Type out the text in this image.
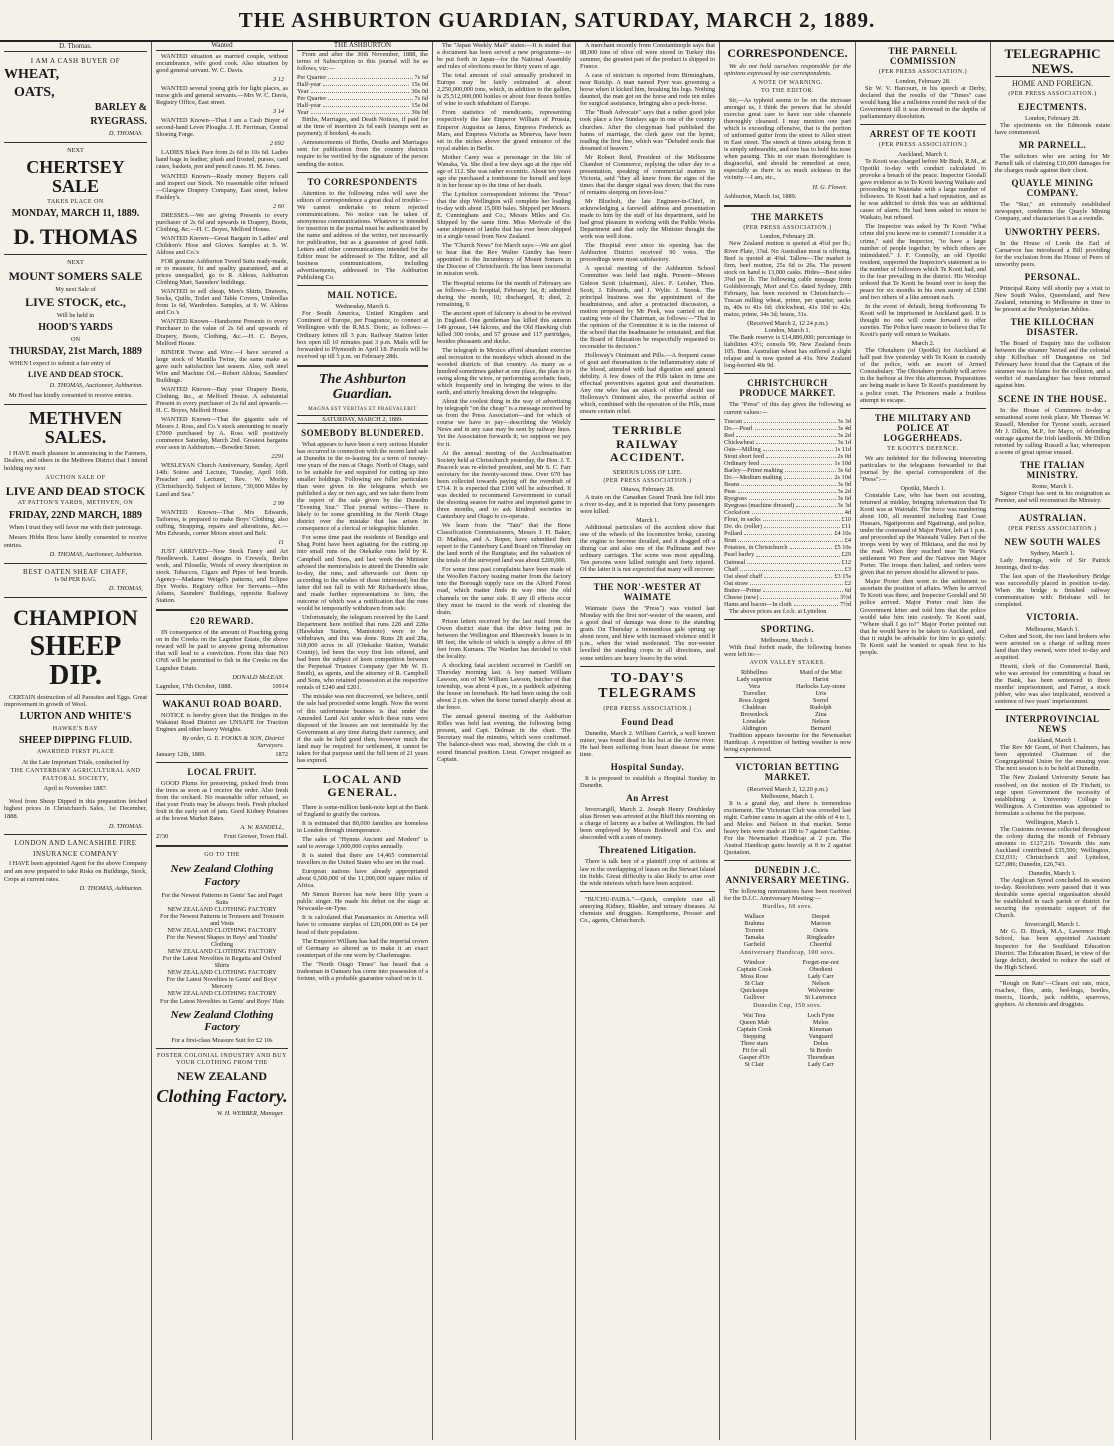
THE ASHBURTON GUARDIAN, SATURDAY, MARCH 2, 1889.
D. Thomas.
I AM A CASH BUYER OF
WHEAT,
OATS,
BARLEY &
RYEGRASS.
D. THOMAS.
NEXT
CHERTSEY SALE
TAKES PLACE ON
MONDAY, MARCH 11, 1889.
D. THOMAS
NEXT
MOUNT SOMERS SALE
My next Sale of
LIVE STOCK, etc.,
Will be held in
HOOD'S YARDS
ON
THURSDAY, 21st March, 1889

WHEN I expect to submit a fair entry of

LIVE AND DEAD STOCK.
D. THOMAS, Auctioneer, Ashburton.

Mr Hood has kindly consented to receive entries.

METHVEN SALES.

I HAVE much pleasure in announcing to the Farmers, Dealers, and others in the Methven District that I intend holding my next

AUCTION SALE OF
LIVE AND DEAD STOCK
AT PATTON'S YARDS, METHVEN, ON
FRIDAY, 22ND MARCH, 1889

When I trust they will favor me with their patronage.

Messrs Hibbs Bros have kindly consented to receive entries.

D. THOMAS, Auctioneer, Ashburton.
BEST OATEN SHEAF CHAFF,
Is 9d PER BAG.
D. THOMAS,
CHAMPION
SHEEP DIP.

CERTAIN destruction of all Parasites and Eggs. Great improvement in growth of Wool.

LURTON AND WHITE'S
HAWKE'S BAY
SHEEP DIPPING FLUID.
AWARDED FIRST PLACE
At the Late Important Trials, conducted by
THE CANTERBURY AGRICULTURAL AND PASTORAL SOCIETY,
April to November 1887.

Wool from Sheep Dipped in this preparation fetched highest prices in Christchurch Sales, 1st December, 1888.

D. THOMAS.
LONDON AND LANCASHIRE FIRE
INSURANCE COMPANY

I HAVE been appointed Agent for the above Company and am now prepared to take Risks on Buildings, Stock, Crops at current rates.

D. THOMAS, Ashburton.
Wanted

WANTED situation as married couple, without encumbrance, wife good cook. Also situation by good general servant. W. C. Davis.

3 12

WANTED several young girls for light places, as nurse girls and general servants.—Mrs W. C. Davis, Registry Office, East street.

3 14

WANTED Known—That I am a Cash Buyer of second-hand Lever Ploughs. J. H. Ferriman, Central Shoeing Forge.

2 692

LADIES Black Pace from 2s 6d to 10s 6d. Ladies hand bags in leather, plush and frosted, purses, card cases, baskets, pen and pencil cases. H. M. Jones.

WANTED Known—Ready money Buyers call and inspect our Stock. No reasonable offer refused—Glasgow Drapery Company, East street, below Pashley's.

2 60

DRESSES.—We are giving Presents to every purchaser of 2s 6d and upwards in Drapery, Boots, Clothing, &c.—H. C. Boyes, Melford House.

WANTED Known—Great Bargain in Ladies' and Children's Hose and Gloves. Samples at S. W. Aldous and Co.'s

FOR genuine Ashburton Tweed Suits ready-made, or to measure, fit and quality guaranteed, and at prices unequalled, go to R. Aldous, Ashburton Clothing Mart, Saunders' buildings.

WANTED to sell cheap, Men's Shirts, Drawers, Socks, Quilts, Toilet and Table Covers, Umbrellas from 1s 6d, Wardrobes. Samples, at S. W. Aldous and Co.'s

WANTED Known—Handsome Presents to every Purchaser to the value of 2s 6d and upwards of Drapery, Boots, Clothing, &c.—H. C. Boyes, Melford House.

BINDER Twine and Wire.—I have secured a large stock of Manilla Twine, the same make as gave such satisfaction last season. Also, soft steel Wire and Machine Oil.—Robert Aldous, Saunders' Buildings.

WANTED Known—Buy your Drapery Boots, Clothing, &c., at Melford House. A substantial Present to every purchaser of 2s 6d and upwards.—H. C. Boyes, Melford House.

WANTED Known—That the gigantic sale of Messrs J. Ross, and Co.'s stock amounting to nearly £7000 purchased by A. Ross will positively commence Saturday, March 2nd. Greatest bargains ever seen in Ashburton.—Bowden Street.

2291

WESLEYAN Church Anniversary, Sunday, April 14th. Soiree and Lecture, Tuesday, April 16th. Preacher and Lecturer, Rev. W. Morley (Christchurch). Subject of lecture, "30,000 Miles by Land and Sea."

2 99

WANTED Known—That Mrs Edwards, Tailoress, is prepared to make Boys' Clothing, also cuffing, Strapping, repairs and alterations, &c.—Mrs Edwards, corner Moore street and Belt.

11

JUST ARRIVED—New Stock Fancy and Art Needlework. Latest designs in Crewels, Berlin work, and Filoselle, Wools of every description in stock. Tobaccos, Cigars and Pipes of best brands. Agency—Madame Weigel's patterns, and Eclipse Dye Works. Registry office for Servants.—Mrs Adams, Saunders' Buildings, opposite Railway Station.

£20 REWARD.

IN consequence of the amount of Poaching going on in the Creeks on the Lagmhor Estate, the above reward will be paid to anyone giving information that will lead to a conviction. From this date NO ONE will be permitted to fish in the Creeks on the Lagmhor Estate.

DONALD McLEAN.
Lagmhor, 17th October, 1888.	10914
WAKANUI ROAD BOARD.

NOTICE is hereby given that the Bridges in the Wakanui Road District are UNSAFE for Traction Engines and other heavy Weights.

By order, G. E. FOOKS & SON, District Surveyors.
January 12th, 1889.	1872
LOCAL FRUIT.

GOOD Plums for preserving, picked fresh from the trees as soon as I receive the order. Also fresh from the orchard. No reasonable offer refused, so that your Fruits may be always fresh. Fresh plucked fruit in the early sort of jam. Good Kidney Potatoes at the lowest Market Rates.

A. W. RANDELL,
2?30	Fruit Grower, Town Hall.
GO TO THE
New Zealand Clothing Factory
For the Newest Patterns in Gents' Sac and Paget Suits
NEW ZEALAND CLOTHING FACTORY
For the Newest Patterns in Trousers and Trousers and Vests
NEW ZEALAND CLOTHING FACTORY
For the Newest Shapes in Boys' and Youths' Clothing
NEW ZEALAND CLOTHING FACTORY
For the Latest Novelties in Regatta and Oxford Shirts
NEW ZEALAND CLOTHING FACTORY
For the Latest Novelties in Gents' and Boys' Mercery
NEW ZEALAND CLOTHING FACTORY
For the Latest Novelties in Gents' and Boys' Hats
New Zealand Clothing Factory
For a first-class Measure Suit for £2 10s
FOSTER COLONIAL INDUSTRY AND BUY YOUR CLOTHING FROM THE
NEW ZEALAND
Clothing Factory.
W. H. WEBBER, Manager.
THE ASHBURTON

From and after the 30th November, 1888, the terms of Subscription to this journal will be as follows, viz:—

Per Quarter	7s 6d
Half-year	15s 0d
Year	30s 0d
Per Quarter	7s 6d
Half-year	15s 0d
Year	30s 0d

Births, Marriages, and Death Notices, if paid for at the time of insertion 2s 6d each (stamps sent as payment); if booked, 4s each.

Announcements of Births, Deaths and Marriages sent for publication from the country districts require to be verified by the signature of the person sending the notice.

TO CORRESPONDENTS

Attention to the following rules will save the editors of correspondence a great deal of trouble:—We cannot undertake to return rejected communications. No notice can be taken of anonymous communications. Whatever is intended for insertion in the journal must be authenticated by the name and address of the writer, not necessarily for publication, but as a guarantee of good faith. Letters and other communications intended for the Editor must be addressed to The Editor, and all business communications, including advertisements, addressed to The Ashburton Publishing Co.

MAIL NOTICE.
Wednesday, March 6.

For South America, United Kingdom and Continent of Europe, per Fragrance, to connect at Wellington with the R.M.S. Doric, as follows:—Ordinary letters till 3 p.m. Railway Station letter box open till 10 minutes past 3 p.m. Mails will be forwarded to Plymouth in April 18. Parcels will be received up till 5 p.m. on February 28th.

The Ashburton Guardian.
MAGNA EST VERITAS ET PRAEVALEBIT
SATURDAY, MARCH 2, 1889.
SOMEBODY BLUNDERED.

What appears to have been a very serious blunder has occurred in connection with the recent land sale at Dunedin in the re-leasing for a term of twenty-one years of the runs at Otago. North of Otago, said to be suitable for and required for cutting up into smaller holdings. Following are fuller particulars than were given in the telegrams which we published a day or two ago, and we take them from the report of the sale given by the Dunedin "Evening Star." That journal writes:—There is likely to be some grumbling in the North Otago district over the mistake that has arisen in consequence of a clerical or telegraphic blunder.

For some time past the residents of Bendigo and Shag Point have been agitating for the cutting up into small runs of the Otekaike runs held by R. Campbell and Sons, and last week the Minister advised the memorialists to attend the Dunedin sale to-day, the runs, and afterwards cut them up according to the wishes of those interested; but the latter did not fall in with Mr Richardson's ideas, and made further representations to him, the outcome of which was a notification that the runs would be temporarily withdrawn from sale.

Unfortunately, the telegram received by the Land Department here notified that runs 228 and 228a (Hawkdun Station, Maniototo) were to be withdrawn, and this was done. Runs 28 and 28a, 318,000 acres in all (Otekaike Station, Waitaki County), led been the very first lots offered, and had been the subject of keen competition between the Perpetual Trustees Company (per Mr W. D. Smith), as agents, and the attorney of R. Campbell and Sons, who retained possession at the respective rentals of £240 and £201.

The mistake was not discovered, we believe, until the sale had proceeded some length. Now the worst of this unfortunate business is that under the Amended Land Act under which these runs were disposed of the lessees are not terminable by the Government at any time during their currency, and if the sale be held good then, however much the land may be required for settlement, it cannot be taken for that purpose until the full term of 21 years has expired.

LOCAL AND GENERAL.

There is some-million bank-note kept at the Bank of England to gratify the curious.

It is estimated that 80,000 families are homeless in London through intemperance.

The sales of "Hymns Ancient and Modern" is said to average 1,000,000 copies annually.

It is stated that there are 14,465 commercial travellers in the United States who are on the road.

European nations have already appropriated about 6,500,000 of the 11,000,000 square miles of Africa.

Mr Simon Reeves has now been fifty years a public singer. He made his debut on the stage at Newcastle-on-Tyne.

It is calculated that Panamanics in America will have to consume surplus of £20,000,000 to £4 per head of their population.

The Emperor William has had the imperial crown of Germany so altered as to make it an exact counterpart of the one worn by Charlemagne.

The "North Otago Times" has heard that a tradesman in Oamaru has come into possession of a fortune, with a probable guarantee valued on to it.

The "Japan Weekly Mail" states:—It is stated that a document has been served a new programme—to be put forth in Japan—for the National Assembly and rules of elections must be thirty years of age.

The total amount of coal annually produced in Europe may be fairly estimated at about 2,250,000,000 tons, which, in addition to the gallon, is 25,512,000,000 bottles or about four dozen bottles of wine to each inhabitant of Europe.

From statistics of mendicants, representing respectively the late Emperor William of Prussia, Emperor Augustus as Janus, Empress Frederick as Mars, and Empress Victoria as Minerva, have been set in the niches above the grand entrance of the royal stables in Berlin.

Mother Carey was a personage in the life of Wanaka, Va. She died a few days ago at the ripe old age of 112. She was rather eccentric. About ten years ago she purchased a tombstone for herself and kept it in her house up to the time of her death.

The Lyttelton correspondent informs the "Press" that the ship Wellington will complete her loading to-day with about 15,000 bales. Shipped per Messrs. E. Cunningham and Co.; Messrs Miles and Co. Shipped by the same firm. Miss Merivale of the same shipment of lambs that has ever been shipped in a single vessel from New Zealand.

The "Church News" for March says:—We are glad to hear that the Rev Walter Gundry has been appointed to the Incumbency of Mount Somers in the Diocese of Christchurch. He has been successful in mission work.

The Hospital returns for the month of February are as follows:—In hospital, February 1st, 8; admitted during the month, 10; discharged, 8; died, 2; remaining, 9.

The ancient sport of falconry is about to be revived in England. One gentleman has killed this autumn 149 grouse, 144 falcons, and the Old Hawking club killed 300 rooks, and 57 grouse and 117 partridges, besides pheasants and ducks.

The telegraph in Mexico afford abundant exercise and recreation to the monkeys which abound in the wooded districts of that country. As many as a hundred sometimes gather at one place, the plan is to swing along the wires, or performing acrobatic feats, which frequently end in bringing the wires to the earth, and utterly breaking down the telegraphs.

About the coolest thing in the way of advertising by telegraph "on the cheap" is a message received by us from the Press Association—and for which of course we have to pay—describing the Weekly News and in any case may be sent by railway lines. Yet the Association forwards it; we suppose we pay for it.

At the annual meeting of the Acclimatisation Society held at Christchurch yesterday, the Hon. J. T. Peacock was re-elected president, and Mr S. C. Farr secretary for the twenty-second time. Over 670 has been collected towards paying off the overdraft of £714. It is expected that £100 will be subscribed. It was decided to recommend Government to curtail the shooting season for native and imported game to three months, and to ask kindred societies in Canterbury and Otago to co-operate.

We learn from the "Tatu" that the Bone Classification Commissioners, Messrs J. H. Baker, D. Mathias, and A. Roper, have submitted their report to the Canterbury Land Board on Thursday on the land north of the Rangitata; and the valuation of the totals of the surveyed land was about £200,000.

For some time past complaints have been made of the Woollen Factory issuing matter from the factory into the Borough supply race on the Alford Forest road, which matter finds its way into the old channels on the same side. If any ill effects occur they must be traced to the work of cleaning the drain.

Prison letters received by the last mail from the Owen district state that the drive being put in between the Wellington and Bluecreek's leases is in 89 feet, the whole of which is simply a drive of 89 feet from Kumara. The Warden has decided to visit the locality.

A shocking fatal accident occurred in Cardiff on Thursday morning last. A boy named William Lawson, son of Mr William Lawson, butcher of that township, was about 4 p.m., in a paddock adjoining the house on horseback. He had been using the colt about 2 p.m. when the horse turned sharply about at the fence.

The annual general meeting of the Ashburton Rifles was held last evening, the following being present, and Capt. Dolman in the chair. The Secretary read the minutes, which were confirmed. The balance-sheet was read, showing the club in a sound financial position. Lieut. Cowper resigned as Captain.

A merchant recently from Constantinople says that 88,000 tons of olive oil were stored in Turkey this summer, the greatest part of the product is shipped to France.

A case of stoicism is reported from Birmingham, near Ruislip. A man named Pyer was grooming a horse when it kicked him, breaking his legs. Nothing daunted, the man got on the horse and rode ten miles for surgical assistance, bringing also a peck-horse.

The "Bush Advocate" says that a rather good joke took place a few Sundays ago in one of the country churches. After the clergyman had published the banns of marriage, the clerk gave out the hymn, reading the first line, which was "Deluded souls that dreamed of heaven."

Mr Robert Reid, President of the Melbourne Chamber of Commerce, replying the other day to a presentation, speaking of commercial matters in Victoria, said "they all knew from the signs of the times that the danger signal was down; that the runs of remains sleeping on fever-loss."

Mr Bluebolt, the late Engineer-in-Chief, in acknowledging a farewell address and presentation made to him by the staff of his department, said he had great pleasure in working with the Public Works Department and that only the Minister thought the work was well done.

The Hospital ever since its opening has the Ashburton District received 90 votes. The proceedings were most satisfactory.

A special meeting of the Ashburton School Committee was held last night. Present—Messrs Gideon Scott (chairman), Alex. F. Leisher, Thos. Scott, J. Edwards, and J. Wylie. J. Snook. The principal business was the appointment of the headmistress, and after a protracted discussion, a motion proposed by Mr Peek, was carried on the casting vote of the Chairman, as follows:—"That in the opinion of the Committee it is in the interest of the school that the headmaster be reinstated, and that the Board of Education be respectfully requested to reconsider its decision."

Holloway's Ointment and Pills.—A frequent cause of gout and rheumatism is the inflammatory state of the blood, attended with bad digestion and general debility. A few doses of the Pills taken in time are effectual preventives against gout and rheumatism. Any one who has an attack of either should use Holloway's Ointment also, the powerful action of which, combined with the operation of the Pills, must ensure certain relief.

TERRIBLE RAILWAY ACCIDENT.
SERIOUS LOSS OF LIFE.
(PER PRESS ASSOCIATION.)
Ottawa, February 28.

A train on the Canadian Grand Trunk line fell into a river to-day, and it is reported that forty passengers were killed.

March 1.

Additional particulars of the accident show that one of the wheels of the locomotive broke, causing the engine to become derailed, and it dragged off a dining car and also one of the Pullmans and two ordinary carriages. The scene was most appalling. Ten persons were killed outright and forty injured. Of the latter it is not expected that many will recover.

THE NOR'-WESTER AT WAIMATE

Waimate (says the "Press") was visited last Monday with the first nor'-wester of the season, and a good deal of damage was done to the standing grain. On Thursday a tremendous gale sprung up about noon, and blew with increased violence until 8 p.m., when the wind moderated. The nor-wester levelled the standing crops in all directions, and some settlers are heavy losers by the wind.

TO-DAY'S TELEGRAMS
(PER PRESS ASSOCIATION.)
Found Dead

Dunedin, March 2. William Carrick, a well known miner, was found dead in his hut at the Arrow river. He had been suffering from heart disease for some time.

Hospital Sunday.

It is proposed to establish a Hospital Sunday in Dunedin.

An Arrest

Invercargill, March 2. Joseph Henry Doubleday alias Brown was arrested at the Bluff this morning on a charge of larceny as a bailee at Wellington. He had been employed by Messrs Bothwell and Co. and absconded with a sum of money.

Threatened Litigation.

There is talk here of a plaintiff crop of actions at law re the overlapping of leases on the Stewart Island tin fields. Great difficulty is also likely to arise over the wide interests which have been acquired.

"BUCHU-PAIBA."—Quick, complete cure all annoying Kidney, Bladder, and urinary diseases. At chemists and druggists. Kempthorne, Prosser and Co., agents, Christchurch.

CORRESPONDENCE.

We do not hold ourselves responsible for the opinions expressed by our correspondents.

A NOTE OF WARNING.
TO THE EDITOR.

Sir,—As typhoid seems to be on the increase amongst us, I think the powers that be should exercise great care to have our side channels thoroughly cleansed. I may mention one part which is exceeding offensive, that is the portion of unformed gutter from the street to Allen street in East street. The stench at times arising from it is simply unbearable, and one has to hold his nose when passing. This in our main thoroughfare is disgraceful, and should be remedied at once, especially as there is so much sickness in the vicinity.—I am, etc.,

H. G. Flower.
Ashburton, March 1st, 1889.
THE MARKETS
(PER PRESS ASSOCIATION.)
London, February 28.

New Zealand mutton is quoted at 4¾d per lb.; River Plate, 3⅞d. No Australian meat is offering. Beef is quoted at 4⅜d. Tallow—The market is firm, beef mutton, 25s 6d to 26s. The present stock on hand is 13,000 casks. Hides—Best sides 3⅝d per lb. The following cable message from Goldsborough, Mort and Co. dated Sydney, 28th February, has been received in Christchurch:—Tuscan milling wheat, prime, per quarter, sacks in, 40s to 41s 6d; chickwheat, 41s 10d to 42s; maize, prime, 34s 3d; beans, 31s.

(Received March 2, 12 24 p.m.)
London, March 1.

The Bank reserve is £14,886,000; percentage to liabilities 43½; consols 99; New Zealand fours 105. Bran. Australian wheat has suffered a slight relapse and is now quoted at 41s. New Zealand long-berried 40s 9d.

CHRISTCHURCH PRODUCE MARKET.

The "Press" of this day gives the following as current values:—

Tuscan	3s 3d
Do.—Pearl	3s 4d
Red	3s 2d
Chickwheat	3s 1d
Oats—Milling	1s 11d
Stout short feed	2s 0d
Ordinary feed	1s 10d
Barley—Prime malting	3s 6d
Do.—Medium malting	2s 10d
Beans	3s 0d
Peas	3s 2d
Ryegrass	3s 6d
Ryegrass (machine dressed)	3s 3d
Cocksfoot	4d
Flour, in sacks	£10
Do. do. (roller)	£11
Pollard	£4 10s
Bran	£4
Potatoes, in Christchurch	£5 10s
Pearl barley	£29
Oatmeal	£12
Chaff	£3
Oat sheaf chaff	£3 15s
Oat straw	£2
Butter—Prime	6d
Cheese (new)	3½d
Hams and bacon—In cloth	7½d

The above prices are f.o.b. at Lyttelton

SPORTING.
Melbourne, March 1.

With final forfeit made, the following horses were left in:—

AVON VALLEY STAKES.
Ribbellmo
Lady superior
Vera
Traveller
Ross Argent
Chaldean
Brownlock
Lonsdale
Aldington
Maid of the Mist
Hariot
Harlocks Lay-stone
Uris
Sorrel
Rudolph
Zina
Nelson
Bernard

Tradition appears favourite for the Newmarket Handicap. A repetition of betting weather is now being experienced.

VICTORIAN BETTING MARKET.
(Received March 2, 12.20 p.m.)
Melbourne, March 1.

It is a grand day, and there is tremendous excitement. The Victorian Club was crowded last night. Carbine came in again at the odds of 4 to 1, and Melos and Nelson in that market. Some heavy bets were made at 100 to 7 against Carbine. For the Newmarket Handicap at 2 p.m. The Austral Handicap gains heavily at 8 to 2 against Quotation.

DUNEDIN J.C. ANNIVERSARY MEETING.

The following nominations have been received for the D.J.C. Anniversary Meeting:—

Hurdles, 60 sovs.
Wallace
Brahma
Torrent
Tamaka
Garfield
Despot
Maroon
Osiris
Ringleader
Cheerful
Anniversary Handicap, 100 sovs.
Windsor
Captain Cook
Moss Rose
St Clair
Quicksteps
Gulliver
Forget-me-not
Obedient
Lady Carr
Nelson
Wolverine
St Lawrence
Dunedin Cup, 150 sovs.
Wai Tera
Queen Mab
Captain Cook
Stepping
Three stars
Fit for all
Gasper d'Or
St Clair
Loch Fyne
Melos
Kinsman
Vanguard
Dolus
St Bredo
Thorndean
Lady Carr
THE PARNELL COMMISSION
(PER PRESS ASSOCIATION.)
London, February 28.

Sir W. V. Harcourt, in his speech at Derby, declared that the results of the "Times" case would hang like a millstone round the neck of the Government till it was drowned in the depths of parliamentary dissolution.

ARREST OF TE KOOTI
(PER PRESS ASSOCIATION.)
Auckland, March 1.

Te Kooti was charged before Mr Bush, R.M., at Opotiki to-day with conduct calculated to provoke a breach of the peace. Inspector Goodall gave evidence as to Te Kooti leaving Waikato and proceeding to Waiotahe with a large number of followers. Te Kooti had a bad reputation, and as he was addicted to drink this was an additional cause of alarm. He had been asked to return to Waikato, but refused.

The Inspector was asked by Te Kooti "What crime did you know me to commit? I consider it a crime," said the Inspector, "to have a large number of people together, by which others are intimidated." J. F. Connolly, an old Opotiki resident, supported the Inspector's statement as to the number of followers which Te Kooti had, and to the fear prevailing in the district. His Worship ordered that Te Kooti be bound over to keep the peace for six months in his own surety of £500 and two others of a like amount each.

In the event of default, being forthcoming Te Kooti will be imprisoned in Auckland gaol. It is thought no one will come forward to offer sureties. The Police have reason to believe that Te Kooti's party will return to Waikato.

March 2.

The Ohotahero (of Opotiki) for Auckland at half past five yesterday with Te Kooti in custody of the police, with an escort of Armed Constabulary. The Ohotahero probably will arrive in the harbour at five this afternoon. Preparations are being made to have Te Kooti's punishment by a police court. The Prisoners made a fruitless attempt to escape.

THE MILITARY AND POLICE AT LOGGERHEADS.
TE KOOTI'S DEFENCE.

We are indebted for the following interesting particulars to the telegrams forwarded to that journal by the special correspondent of the "Press":—

Opotiki, March 1.

Constable Law, who has been out scouting, returned at midday, bringing information that Te Kooti was at Waiotahi. The force was numbering about 100, all mounted including East Coast Hussars, Ngatiporous and Ngatirangi, and police, under the command of Major Porter, left at 1 p.m. and proceeded up the Waiotahi Valley. Part of the troops went by way of Hikitaoa, and the rest by the road. When they reached near Te Waru's settlement Wi Pere and the Natives met Major Porter. The troops then halted, and orders were given that no person should be allowed to pass.

Major Porter then went to the settlement to ascertain the position of affairs. When he arrived Te Kooti was there, and Inspector Goodall and 50 police arrived. Major Porter read him the Government letter and told him that the police would take him into custody. Te Kooti said, "Where shall I go to?" Major Porter pointed out that he would have to be taken to Auckland, and that it might be advisable for him to go quietly. Te Kooti said he wanted to speak first to his people.

TELEGRAPHIC NEWS.
HOME AND FOREIGN.
(PER PRESS ASSOCIATION.)
EJECTMENTS.
London, February 28.

The ejectments on the Edmonds estate have commenced.

MR PARNELL.

The solicitors who are acting for Mr Parnell talk of claiming £10,000 damages for the charges made against their client.

QUAYLE MINING COMPANY.

The "Star," an extremely established newspaper, condemns the Quayle Mining Company, and characterises it as a swindle.

UNWORTHY PEERS.

In the House of Lords the Earl of Carnarvon has introduced a Bill providing for the exclusion from the House of Peers of unworthy peers.

PERSONAL.

Principal Rainy will shortly pay a visit to New South Wales, Queensland, and New Zealand, returning to Melbourne in time to be present at the Presbyterian Jubilee.

THE KILLOCHAN DISASTER.

The Board of Enquiry into the collision between the steamer Neried and the colonial ship Killochan off Dungeness on 3rd February have found that the Captain of the steamer was to blame for the collision, and a verdict of manslaughter has been returned against him.

SCENE IN THE HOUSE.

In the House of Commons to-day a sensational scene took place. Mr Thomas W. Russell, Member for Tyrone south, accused Mr J. Dillon, M.P., for Mayo, of defending outrage against the Irish landlords. Mr Dillon retorted by calling Russell a liar, whereupon a scene of great uproar ensued.

THE ITALIAN MINISTRY.
Rome, March 1.

Signor Crispi has sent in his resignation as Premier, and will reconstruct the Ministry.

AUSTRALIAN.
(PER PRESS ASSOCIATION.)
NEW SOUTH WALES
Sydney, March 1.

Lady Jennings, wife of Sir Patrick Jennings, died to-day.

The last span of the Hawkesbury Bridge was successfully placed in position to-day. When the bridge is finished railway communication with Brisbane will be completed.

VICTORIA.
Melbourne, March 1.

Cohen and Scott, the two land brokers who were arrested on a charge of selling more land than they owned, were tried to-day and acquitted.

Hewitt, clerk of the Commercial Bank, who was arrested for committing a fraud on the Bank, has been sentenced to three months' imprisonment, and Farrar, a stock jobber, who was also implicated, received a sentence of two years' imprisonment.

INTERPROVINCIAL NEWS
Auckland, March 1.

The Rev Mr Grant, of Port Chalmers, has been appointed Chairman of the Congregational Union for the ensuing year. The next session is to be held at Dunedin.

The New Zealand University Senate has resolved, on the motion of Dr Fitchett, to urge upon Government the necessity of establishing a University College in Wellington. A Committee was appointed to formulate a scheme for the purpose.

Wellington, March 1.

The Customs revenue collected throughout the colony during the month of February amounts to £127,216. Towards this sum Auckland contributed £35,500; Wellington, £32,031; Christchurch and Lyttelton, £27,086; Dunedin, £26,743.

Dunedin, March 1.

The Anglican Synod concluded its session to-day. Resolutions were passed that it was desirable some special organisation should be established in each parish or district for securing the systematic support of the Church.

Invercargill, March 1.

Mr G. D. Brack, M.A., Lawrence High School, has been appointed Assistant Inspector for the Southland Education District. The Education Board, in view of the large deficit, decided to reduce the staff of the High School.

"Rough on Rats"—Clears out rats, mice, roaches, flies, ants, bed-bugs, beetles, insects, lizards, jack rabbits, sparrows, gophers. At chemists and druggists.
